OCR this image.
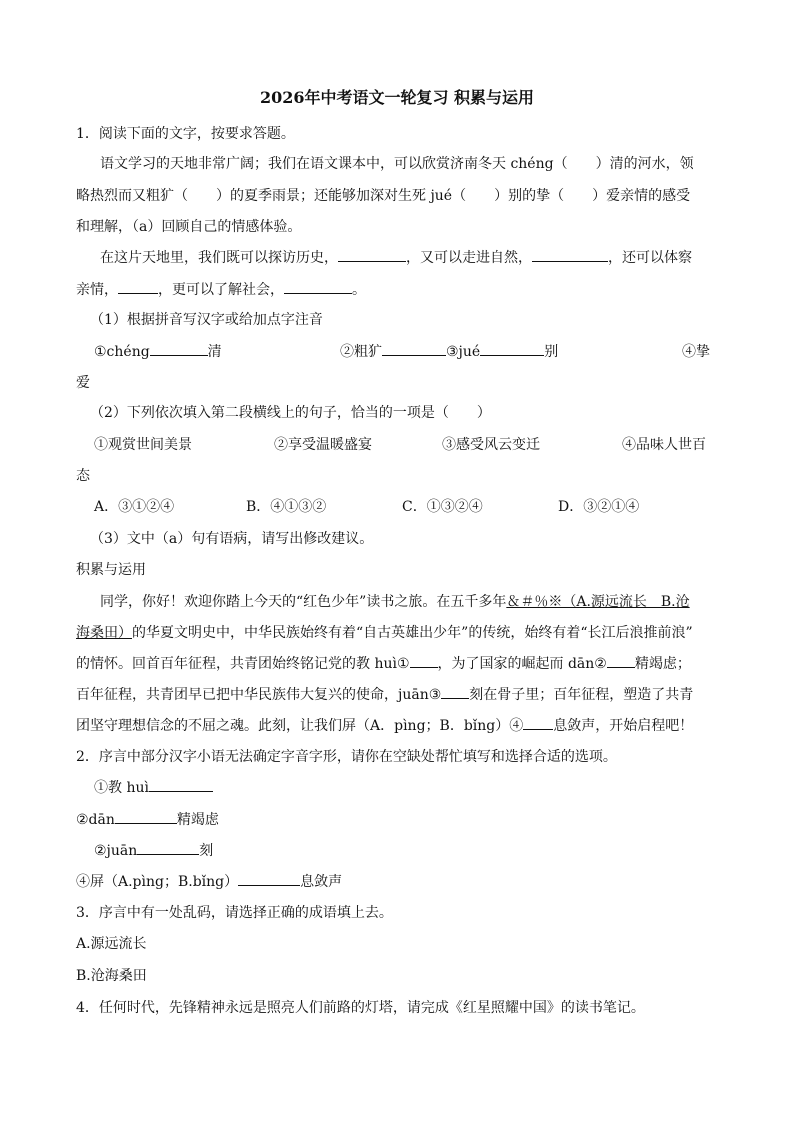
2026年中考语文一轮复习 积累与运用
1．阅读下面的文字，按要求答题。
语文学习的天地非常广阔；我们在语文课本中，可以欣赏济南冬天 chéng（　　）清的河水，领
略热烈而又粗犷（　　）的夏季雨景；还能够加深对生死 jué（　　）别的挚（　　）爱亲情的感受
和理解，（a）回顾自己的情感体验。
在这片天地里，我们既可以探访历史，	，又可以走进自然，	，还可以体察
亲情，	，更可以了解社会，	。
（1）根据拼音写汉字或给加点字注音
①chéng	清	②粗犷	③jué	别	④挚
爱
（2）下列依次填入第二段横线上的句子，恰当的一项是（　　）
①观赏世间美景	②享受温暖盛宴	③感受风云变迁	④品味人世百
态
A．③①②④	B．④①③②	C．①③②④	D．③②①④
（3）文中（a）句有语病，请写出修改建议。
积累与运用
同学，你好！欢迎你踏上今天的“红色少年”读书之旅。在五千多年＆＃％※（A.源远流长　B.沧
海桑田）的华夏文明史中，中华民族始终有着“自古英雄出少年”的传统，始终有着“长江后浪推前浪”
的情怀。回首百年征程，共青团始终铭记党的教 huì① ，为了国家的崛起而 dān② 精竭虑；
百年征程，共青团早已把中华民族伟大复兴的使命，juān③ 刻在骨子里；百年征程，塑造了共青
团坚守理想信念的不屈之魂。此刻，让我们屏（A．pìng；B．bǐng）④ 息敛声，开始启程吧！
2．序言中部分汉字小语无法确定字音字形，请你在空缺处帮忙填写和选择合适的选项。
①教 huì
②dān	精竭虑
②juān	刻
④屏（A.pìng；B.bǐng）	息敛声
3．序言中有一处乱码，请选择正确的成语填上去。
A.源远流长
B.沧海桑田
4．任何时代，先锋精神永远是照亮人们前路的灯塔，请完成《红星照耀中国》的读书笔记。
